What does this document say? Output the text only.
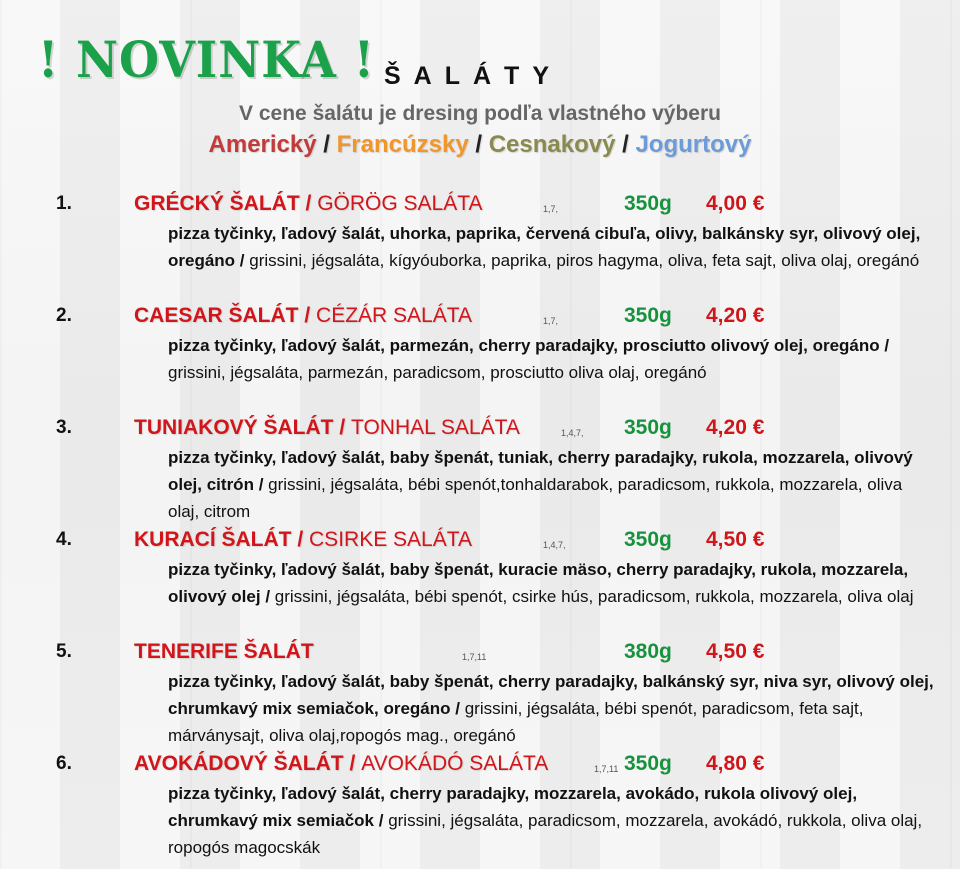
! NOVINKA ! ŠALÁTY
V cene šalátu je dresing podľa vlastného výberu
Americký / Francúzsky / Cesnakový / Jogurtový
1.	GRÉCKÝ ŠALÁT / GÖRÖG SALÁTA	1,7,	350g 4,00 €
pizza tyčinky, ľadový šalát, uhorka, paprika, červená cibuľa, olivy, balkánsky syr, olivový olej, oregáno / grissini, jégsaláta, kígyóuborka, paprika, piros hagyma, oliva, feta sajt, oliva olaj, oregánó
2.	CAESAR ŠALÁT / CÉZÁR SALÁTA	1,7,	350g 4,20 €
pizza tyčinky, ľadový šalát, parmezán, cherry paradajky, prosciutto olivový olej, oregáno / grissini, jégsaláta, parmezán, paradicsom, prosciutto oliva olaj, oregánó
3.	TUNIAKOVÝ ŠALÁT / TONHAL SALÁTA	1,4,7, 350g 4,20 €
pizza tyčinky, ľadový šalát, baby špenát, tuniak, cherry paradajky, rukola, mozzarela, olivový olej, citrón / grissini, jégsaláta, bébi spenót,tonhaldarabok, paradicsom, rukkola, mozzarela, oliva olaj, citrom
4.	KURACÍ ŠALÁT / CSIRKE SALÁTA	1,4,7,	350g 4,50 €
pizza tyčinky, ľadový šalát, baby špenát, kuracie mäso, cherry paradajky, rukola, mozzarela, olivový olej / grissini, jégsaláta, bébi spenót, csirke hús, paradicsom, rukkola, mozzarela, oliva olaj
5.	TENERIFE ŠALÁT	1,7,11	380g 4,50 €
pizza tyčinky, ľadový šalát, baby špenát, cherry paradajky, balkánský syr, niva syr, olivový olej, chrumkavý mix semiačok, oregáno / grissini, jégsaláta, bébi spenót, paradicsom, feta sajt, márványsajt, oliva olaj,ropogós mag., oregánó
6.	AVOKÁDOVÝ ŠALÁT / AVOKÁDÓ SALÁTA	1,7,11 350g 4,80 €
pizza tyčinky, ľadový šalát, cherry paradajky, mozzarela, avokádo, rukola olivový olej, chrumkavý mix semiačok / grissini, jégsaláta, paradicsom, mozzarela, avokádó, rukkola, oliva olaj, ropogós magocskák
